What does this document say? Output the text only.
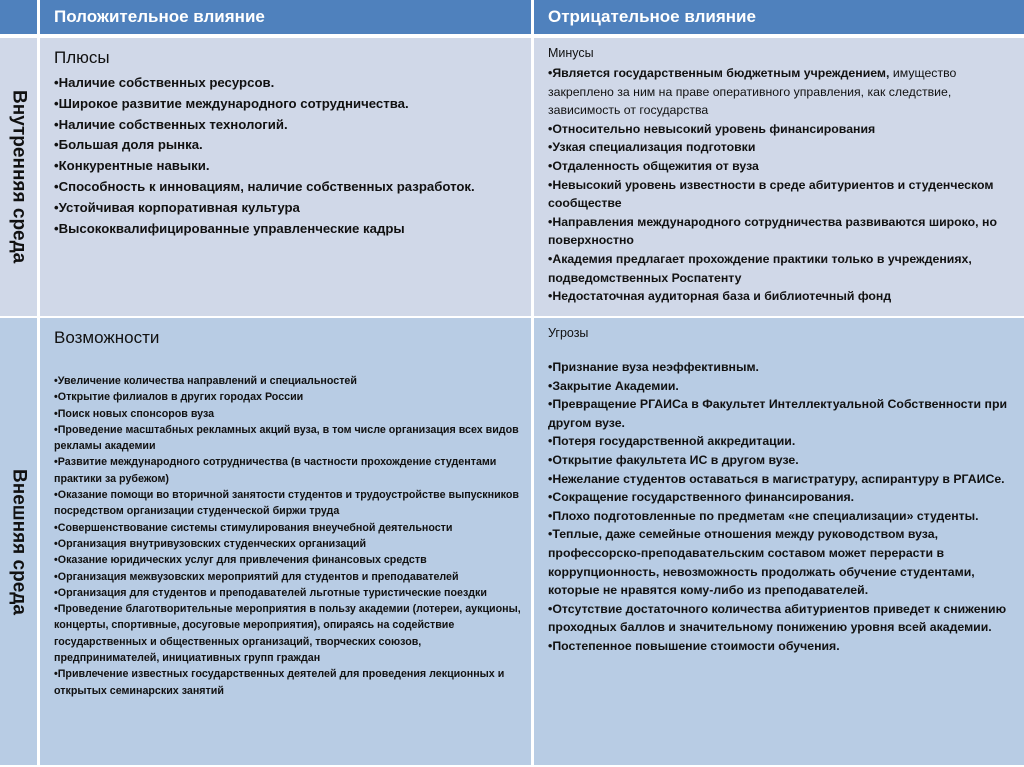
Положительное влияние	Отрицательное влияние
Внутренняя среда
Плюсы
• Наличие собственных ресурсов.
• Широкое развитие международного сотрудничества.
• Наличие собственных технологий.
• Большая доля рынка.
• Конкурентные навыки.
• Способность к инновациям, наличие собственных разработок.
• Устойчивая корпоративная культура
• Высококвалифицированные управленческие кадры
Минусы
• Является государственным бюджетным учреждением, имущество закреплено за ним на праве оперативного управления, как следствие, зависимость от государства
• Относительно невысокий уровень финансирования
• Узкая специализация подготовки
• Отдаленность общежития от вуза
• Невысокий уровень известности в среде абитуриентов и студенческом сообществе
• Направления международного сотрудничества развиваются широко, но поверхностно
• Академия предлагает прохождение практики только в учреждениях, подведомственных Роспатенту
• Недостаточная аудиторная база и библиотечный фонд
Внешняя среда
Возможности
• Увеличение количества направлений и специальностей
• Открытие филиалов в других городах России
• Поиск новых спонсоров вуза
• Проведение масштабных рекламных акций вуза, в том числе организация всех видов рекламы академии
• Развитие международного сотрудничества (в частности прохождение студентами практики за рубежом)
• Оказание помощи во вторичной занятости студентов и трудоустройстве выпускников посредством организации студенческой биржи труда
• Совершенствование системы стимулирования внеучебной деятельности
• Организация внутривузовских студенческих организаций
• Оказание юридических услуг для привлечения финансовых средств
• Организация межвузовских мероприятий для студентов и преподавателей
• Организация для студентов и преподавателей льготные туристические поездки
• Проведение благотворительные мероприятия в пользу академии (лотереи, аукционы, концерты, спортивные, досуговые мероприятия), опираясь на содействие государственных и общественных организаций, творческих союзов, предпринимателей, инициативных групп граждан
• Привлечение известных государственных деятелей для проведения лекционных и открытых семинарских занятий
Угрозы
• Признание вуза неэффективным.
• Закрытие Академии.
• Превращение РГАИСа в Факультет Интеллектуальной Собственности при другом вузе.
• Потеря государственной аккредитации.
• Открытие факультета ИС в другом вузе.
• Нежелание студентов оставаться в магистратуру, аспирантуру в РГАИСе.
• Сокращение государственного финансирования.
• Плохо подготовленные по предметам «не специализации» студенты.
• Теплые, даже семейные отношения между руководством вуза, профессорско-преподавательским составом может перерасти в коррупционность, невозможность продолжать обучение студентами, которые не нравятся кому-либо из преподавателей.
• Отсутствие достаточного количества абитуриентов приведет к снижению проходных баллов и значительному понижению уровня всей академии.
• Постепенное повышение стоимости обучения.
